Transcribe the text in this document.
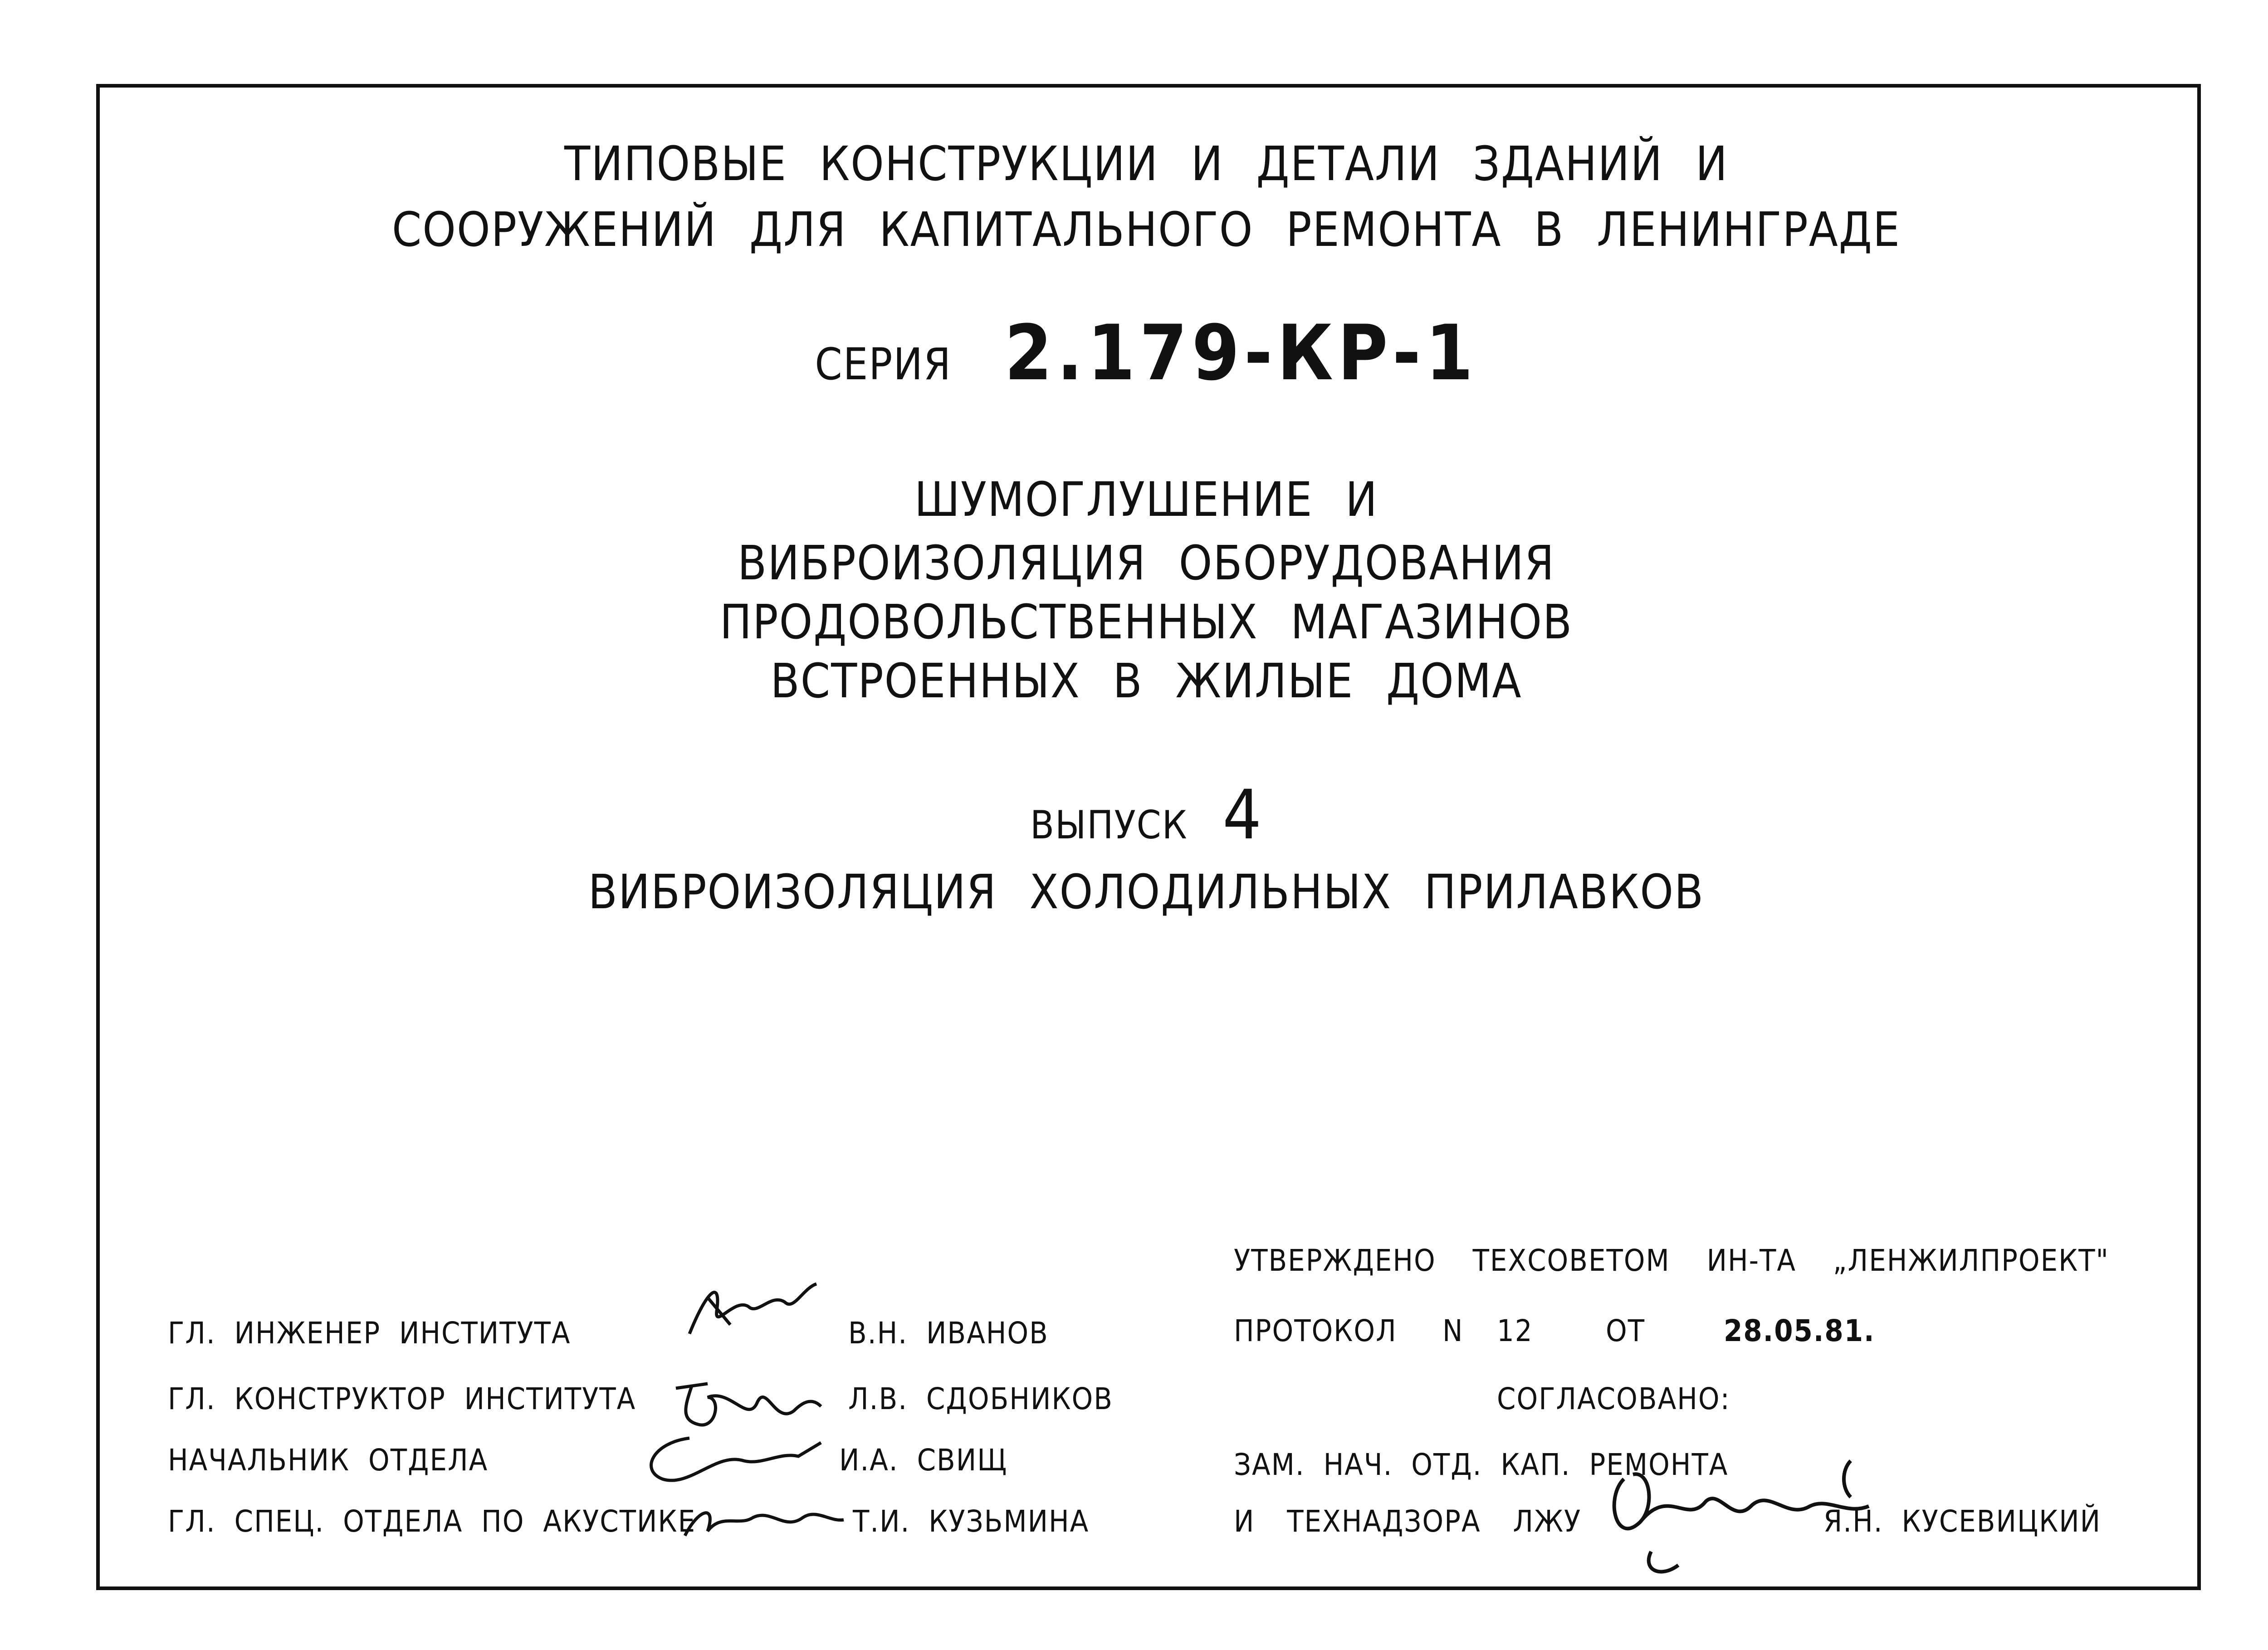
ТИПОВЫЕ КОНСТРУКЦИИ И ДЕТАЛИ ЗДАНИЙ И
СООРУЖЕНИЙ ДЛЯ КАПИТАЛЬНОГО РЕМОНТА В ЛЕНИНГРАДЕ
СЕРИЯ 2.179-КР-1
ШУМОГЛУШЕНИЕ И
ВИБРОИЗОЛЯЦИЯ ОБОРУДОВАНИЯ
ПРОДОВОЛЬСТВЕННЫХ МАГАЗИНОВ
ВСТРОЕННЫХ В ЖИЛЫЕ ДОМА
ВЫПУСК 4
ВИБРОИЗОЛЯЦИЯ ХОЛОДИЛЬНЫХ ПРИЛАВКОВ
ГЛ. ИНЖЕНЕР ИНСТИТУТА	В.Н. ИВАНОВ
ГЛ. КОНСТРУКТОР ИНСТИТУТА	Л.В. СДОБНИКОВ
НАЧАЛЬНИК ОТДЕЛА	И.А. СВИЩ
ГЛ. СПЕЦ. ОТДЕЛА ПО АКУСТИКЕ	Т.И. КУЗЬМИНА
УТВЕРЖДЕНО ТЕХСОВЕТОМ ИН-ТА „ЛЕНЖИЛПРОЕКТ"
ПРОТОКОЛ N 12 ОТ	28.05.81.
СОГЛАСОВАНО:
ЗАМ. НАЧ. ОТД. КАП. РЕМОНТА
И ТЕХНАДЗОРА ЛЖУ	Я.Н. КУСЕВИЦКИЙ
